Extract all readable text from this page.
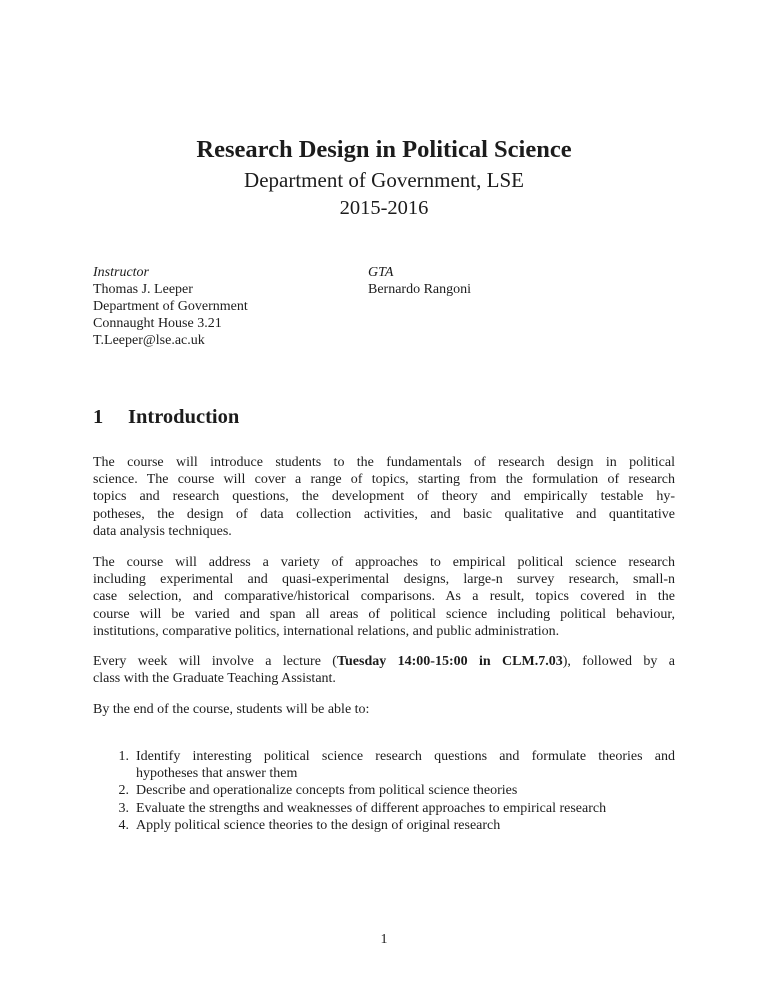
Research Design in Political Science
Department of Government, LSE
2015-2016
Instructor
Thomas J. Leeper
Department of Government
Connaught House 3.21
T.Leeper@lse.ac.uk
GTA
Bernardo Rangoni
1 Introduction
The course will introduce students to the fundamentals of research design in political
science. The course will cover a range of topics, starting from the formulation of research
topics and research questions, the development of theory and empirically testable hy-
potheses, the design of data collection activities, and basic qualitative and quantitative
data analysis techniques.
The course will address a variety of approaches to empirical political science research
including experimental and quasi-experimental designs, large-n survey research, small-n
case selection, and comparative/historical comparisons. As a result, topics covered in the
course will be varied and span all areas of political science including political behaviour,
institutions, comparative politics, international relations, and public administration.
Every week will involve a lecture (Tuesday 14:00-15:00 in CLM.7.03), followed by a
class with the Graduate Teaching Assistant.
By the end of the course, students will be able to:
1. Identify interesting political science research questions and formulate theories and
hypotheses that answer them
2. Describe and operationalize concepts from political science theories
3. Evaluate the strengths and weaknesses of different approaches to empirical research
4. Apply political science theories to the design of original research
1
